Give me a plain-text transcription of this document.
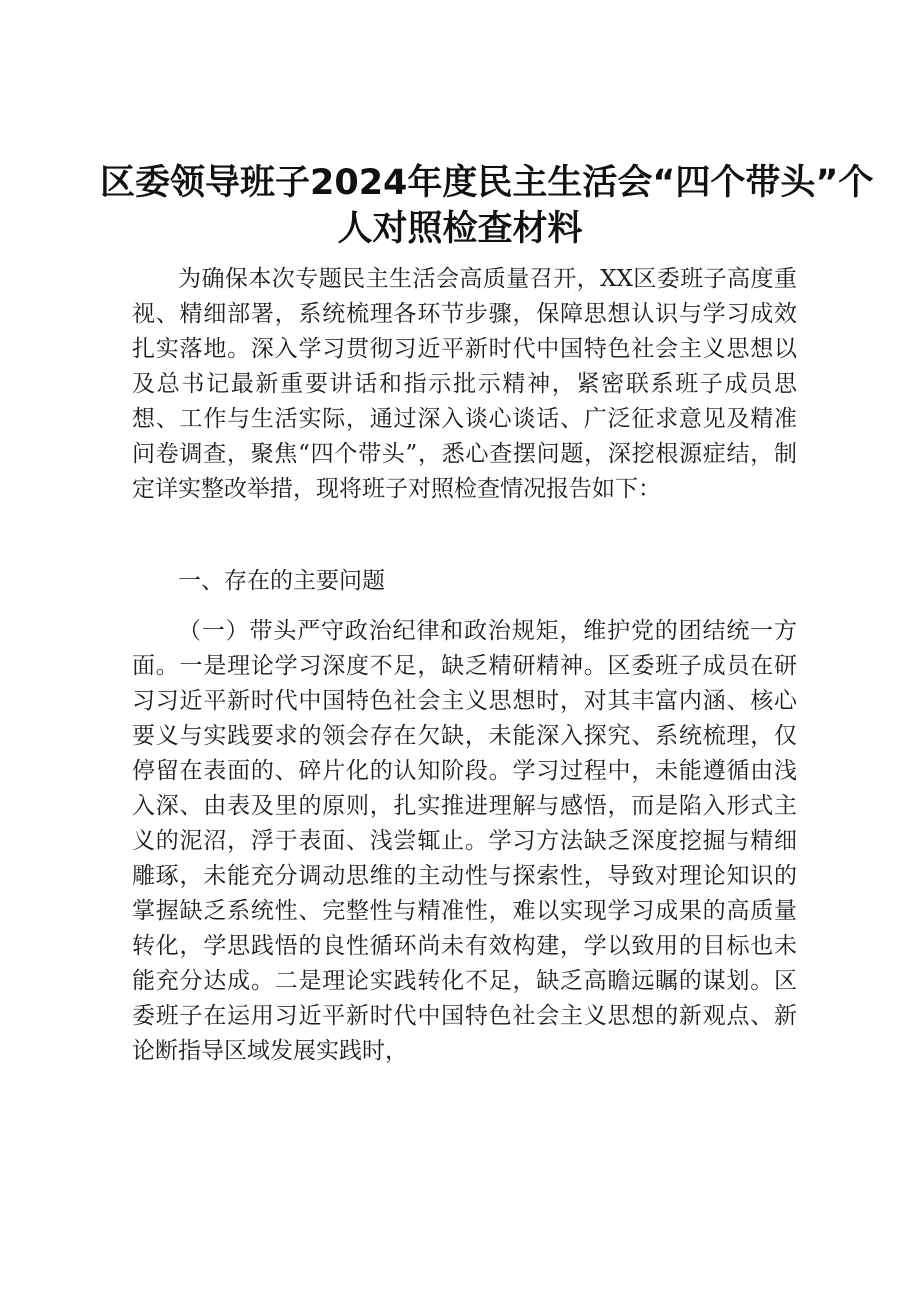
区委领导班子2024年度民主生活会“四个带头”个
人对照检查材料

为确保本次专题民主生活会高质量召开，XX区委班子高度重视、精细部署，系统梳理各环节步骤，保障思想认识与学习成效扎实落地。深入学习贯彻习近平新时代中国特色社会主义思想以及总书记最新重要讲话和指示批示精神，紧密联系班子成员思想、工作与生活实际，通过深入谈心谈话、广泛征求意见及精准问卷调查，聚焦“四个带头”，悉心查摆问题，深挖根源症结，制定详实整改举措，现将班子对照检查情况报告如下：

一、存在的主要问题

（一）带头严守政治纪律和政治规矩，维护党的团结统一方面。一是理论学习深度不足，缺乏精研精神。区委班子成员在研习习近平新时代中国特色社会主义思想时，对其丰富内涵、核心要义与实践要求的领会存在欠缺，未能深入探究、系统梳理，仅停留在表面的、碎片化的认知阶段。学习过程中，未能遵循由浅入深、由表及里的原则，扎实推进理解与感悟，而是陷入形式主义的泥沼，浮于表面、浅尝辄止。学习方法缺乏深度挖掘与精细雕琢，未能充分调动思维的主动性与探索性，导致对理论知识的掌握缺乏系统性、完整性与精准性，难以实现学习成果的高质量转化，学思践悟的良性循环尚未有效构建，学以致用的目标也未能充分达成。二是理论实践转化不足，缺乏高瞻远瞩的谋划。区委班子在运用习近平新时代中国特色社会主义思想的新观点、新论断指导区域发展实践时，
